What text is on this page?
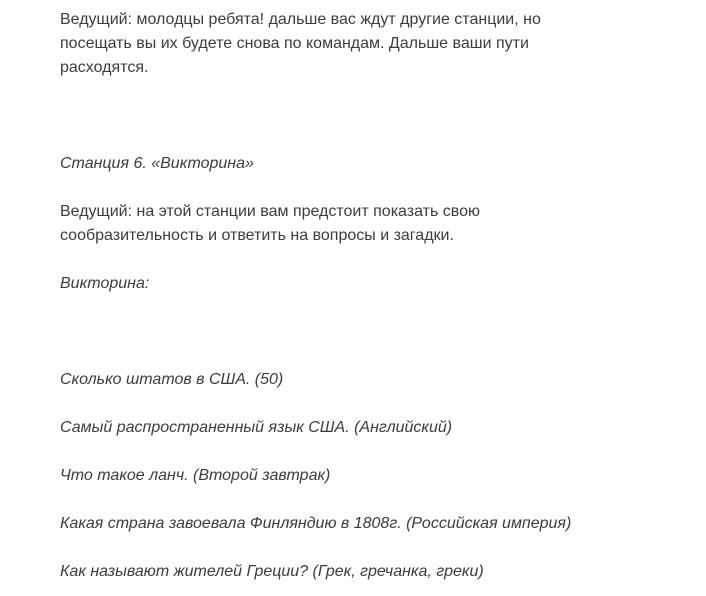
Ведущий: молодцы ребята! дальше вас ждут другие станции, но посещать вы их будете снова по командам. Дальше ваши пути расходятся.

Станция 6. «Викторина»

Ведущий: на этой станции вам предстоит показать свою сообразительность и ответить на вопросы и загадки.

Викторина:

Сколько штатов в США. (50)

Самый распространенный язык США. (Английский)

Что такое ланч. (Второй завтрак)

Какая страна завоевала Финляндию в 1808г. (Российская империя)

Как называют жителей Греции? (Грек, гречанка, греки)
